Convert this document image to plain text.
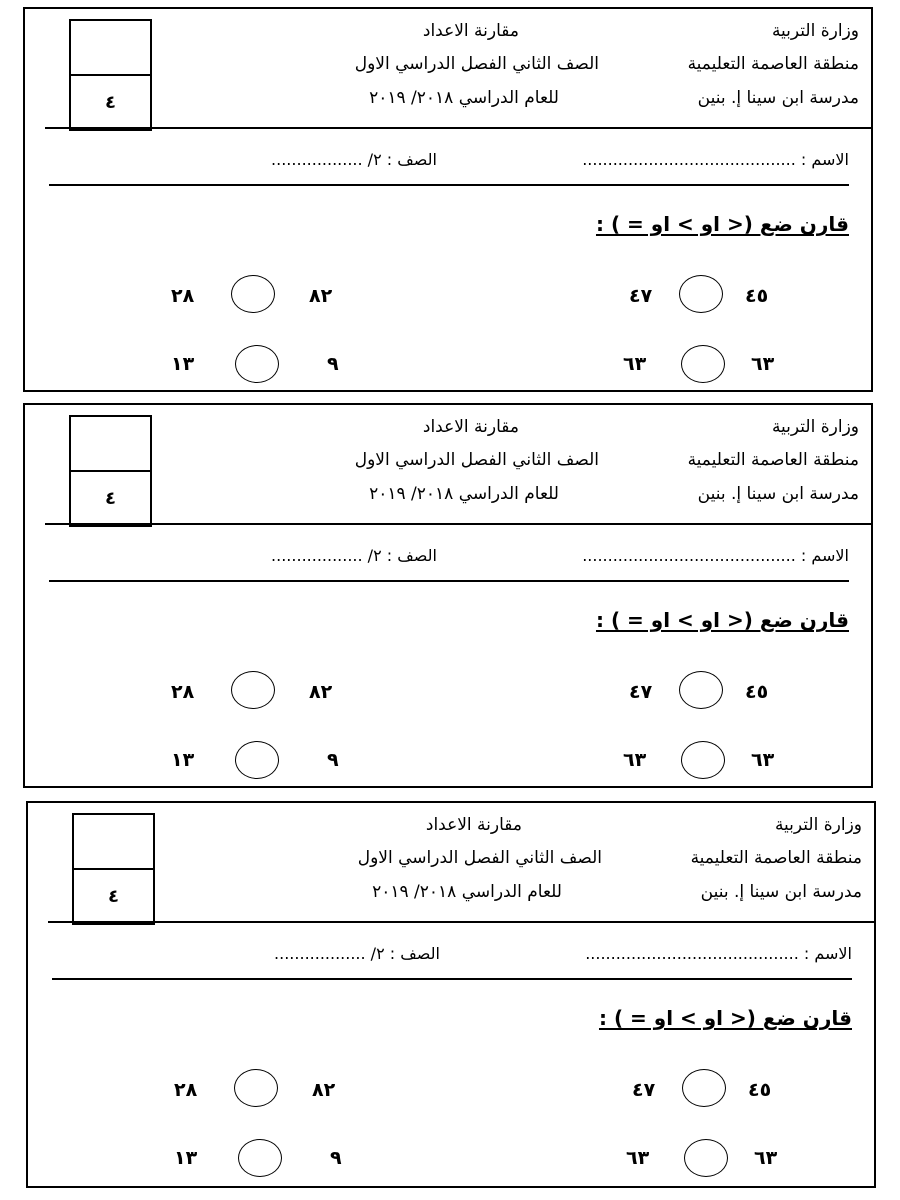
٤
وزارة التربية
منطقة العاصمة التعليمية
مدرسة ابن سينا إ. بنين
مقارنة الاعداد
الصف الثاني الفصل الدراسي الاول
للعام الدراسي ٢٠١٨/ ٢٠١٩
الاسم : ..........................................
الصف : ٢/ ..................
قارن ضع (< او > او = ) :
٤٥
٤٧
٨٢
٢٨
٦٣
٦٣
٩
١٣
٤
وزارة التربية
منطقة العاصمة التعليمية
مدرسة ابن سينا إ. بنين
مقارنة الاعداد
الصف الثاني الفصل الدراسي الاول
للعام الدراسي ٢٠١٨/ ٢٠١٩
الاسم : ..........................................
الصف : ٢/ ..................
قارن ضع (< او > او = ) :
٤٥
٤٧
٨٢
٢٨
٦٣
٦٣
٩
١٣
٤
وزارة التربية
منطقة العاصمة التعليمية
مدرسة ابن سينا إ. بنين
مقارنة الاعداد
الصف الثاني الفصل الدراسي الاول
للعام الدراسي ٢٠١٨/ ٢٠١٩
الاسم : ..........................................
الصف : ٢/ ..................
قارن ضع (< او > او = ) :
٤٥
٤٧
٨٢
٢٨
٦٣
٦٣
٩
١٣
